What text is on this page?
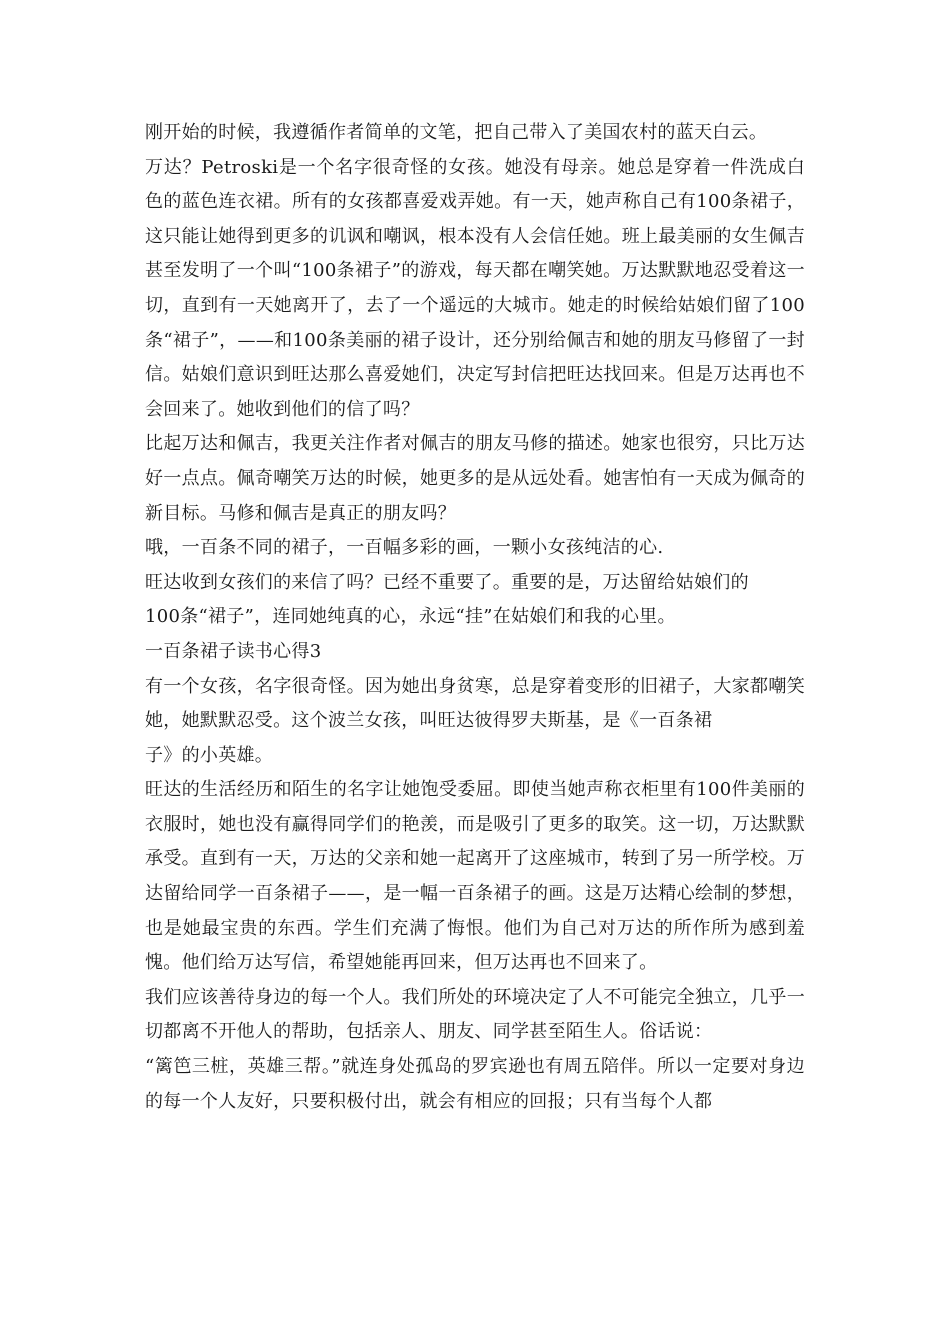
刚开始的时候，我遵循作者简单的文笔，把自己带入了美国农村的蓝天白云。

万达？Petroski是一个名字很奇怪的女孩。她没有母亲。她总是穿着一件洗成白色的蓝色连衣裙。所有的女孩都喜爱戏弄她。有一天，她声称自己有100条裙子，这只能让她得到更多的讥讽和嘲讽，根本没有人会信任她。班上最美丽的女生佩吉甚至发明了一个叫“100条裙子”的游戏，每天都在嘲笑她。万达默默地忍受着这一切，直到有一天她离开了，去了一个遥远的大城市。她走的时候给姑娘们留了100条“裙子”，——和100条美丽的裙子设计，还分别给佩吉和她的朋友马修留了一封信。姑娘们意识到旺达那么喜爱她们，决定写封信把旺达找回来。但是万达再也不会回来了。她收到他们的信了吗？

比起万达和佩吉，我更关注作者对佩吉的朋友马修的描述。她家也很穷，只比万达好一点点。佩奇嘲笑万达的时候，她更多的是从远处看。她害怕有一天成为佩奇的新目标。马修和佩吉是真正的朋友吗？

哦，一百条不同的裙子，一百幅多彩的画，一颗小女孩纯洁的心.

旺达收到女孩们的来信了吗？已经不重要了。重要的是，万达留给姑娘们的
100条“裙子”，连同她纯真的心，永远“挂”在姑娘们和我的心里。

一百条裙子读书心得3

有一个女孩，名字很奇怪。因为她出身贫寒，总是穿着变形的旧裙子，大家都嘲笑她，她默默忍受。这个波兰女孩，叫旺达彼得罗夫斯基，是《一百条裙
子》的小英雄。

旺达的生活经历和陌生的名字让她饱受委屈。即使当她声称衣柜里有100件美丽的衣服时，她也没有赢得同学们的艳羡，而是吸引了更多的取笑。这一切，万达默默承受。直到有一天，万达的父亲和她一起离开了这座城市，转到了另一所学校。万达留给同学一百条裙子——，是一幅一百条裙子的画。这是万达精心绘制的梦想，也是她最宝贵的东西。学生们充满了悔恨。他们为自己对万达的所作所为感到羞愧。他们给万达写信，希望她能再回来，但万达再也不回来了。

我们应该善待身边的每一个人。我们所处的环境决定了人不可能完全独立，几乎一切都离不开他人的帮助，包括亲人、朋友、同学甚至陌生人。俗话说：
“篱笆三桩，英雄三帮。”就连身处孤岛的罗宾逊也有周五陪伴。所以一定要对身边的每一个人友好，只要积极付出，就会有相应的回报；只有当每个人都
